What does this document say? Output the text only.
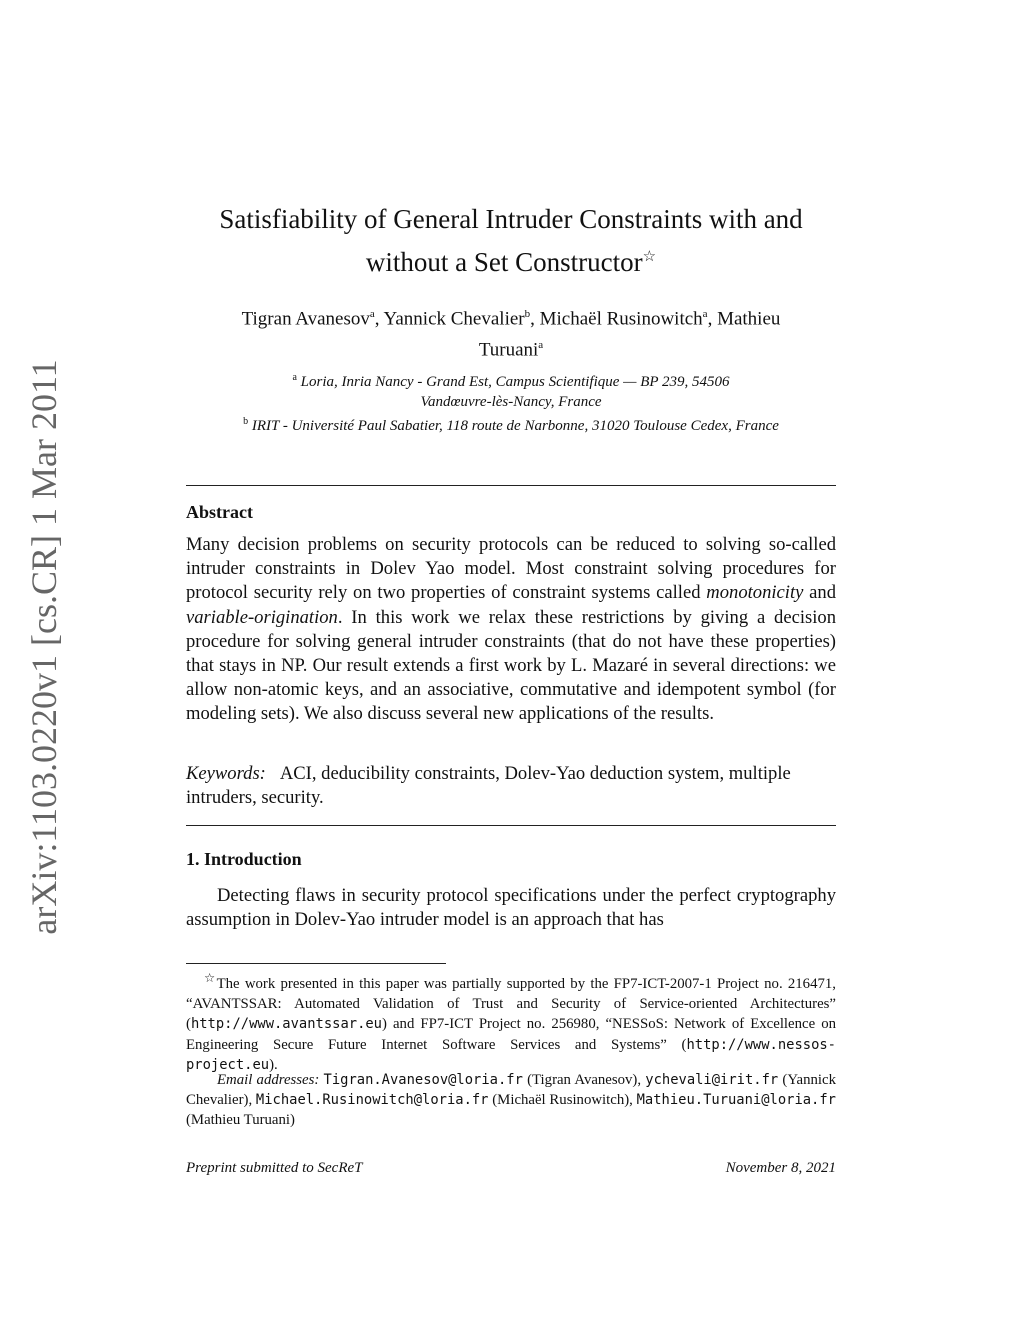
arXiv:1103.0220v1 [cs.CR] 1 Mar 2011
Satisfiability of General Intruder Constraints with and
without a Set Constructor☆
Tigran Avanesov$^a$, Yannick Chevalier$^b$, Michaël Rusinowitch$^a$, Mathieu
Turuani$^a$
$^a$ Loria, Inria Nancy - Grand Est, Campus Scientifique — BP 239, 54506
Vandœuvre-lès-Nancy, France
$^b$ IRIT - Université Paul Sabatier, 118 route de Narbonne, 31020 Toulouse Cedex, France
Abstract
Many decision problems on security protocols can be reduced to solving so-called intruder constraints in Dolev Yao model. Most constraint solving procedures for protocol security rely on two properties of constraint systems called monotonicity and variable-origination. In this work we relax these restrictions by giving a decision procedure for solving general intruder constraints (that do not have these properties) that stays in NP. Our result extends a first work by L. Mazaré in several directions: we allow non-atomic keys, and an associative, commutative and idempotent symbol (for modeling sets). We also discuss several new applications of the results.
Keywords: ACI, deducibility constraints, Dolev-Yao deduction system, multiple intruders, security.
1. Introduction
Detecting flaws in security protocol specifications under the perfect cryptography assumption in Dolev-Yao intruder model is an approach that has
☆The work presented in this paper was partially supported by the FP7-ICT-2007-1 Project no. 216471, “AVANTSSAR: Automated Validation of Trust and Security of Service-oriented Architectures” (http://www.avantssar.eu) and FP7-ICT Project no. 256980, “NESSoS: Network of Excellence on Engineering Secure Future Internet Software Services and Systems” (http://www.nessos-project.eu).
Email addresses: Tigran.Avanesov@loria.fr (Tigran Avanesov), ychevali@irit.fr (Yannick Chevalier), Michael.Rusinowitch@loria.fr (Michaël Rusinowitch), Mathieu.Turuani@loria.fr (Mathieu Turuani)
Preprint submitted to SecReT	November 8, 2021
